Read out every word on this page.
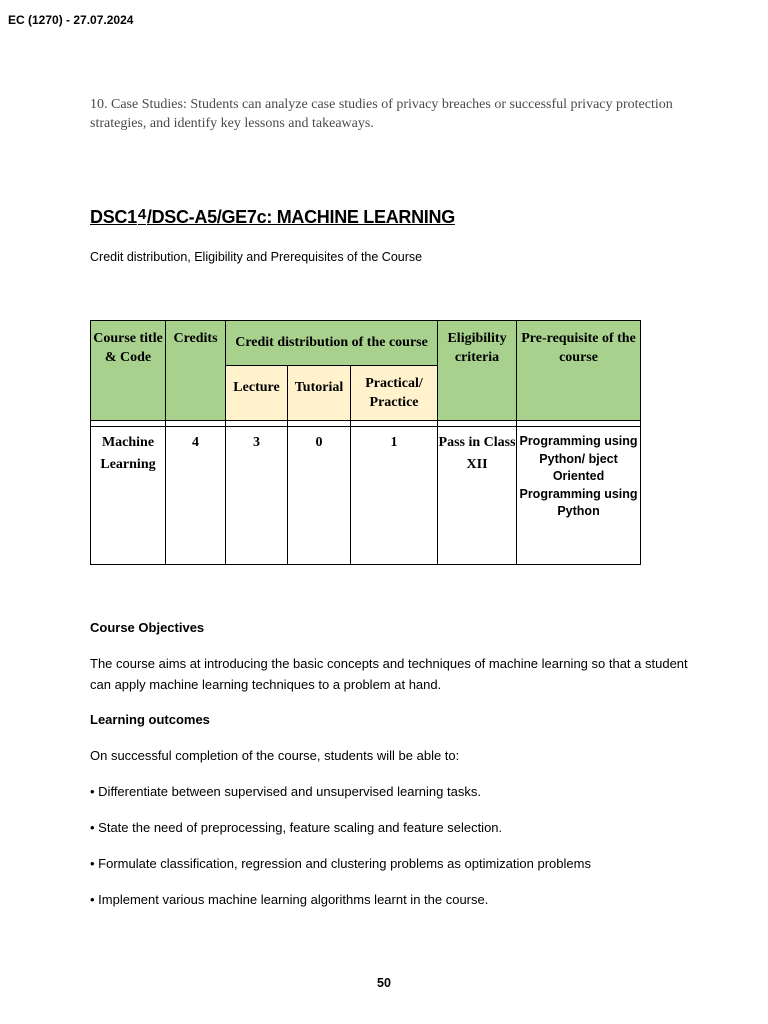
EC (1270) - 27.07.2024
10. Case Studies: Students can analyze case studies of privacy breaches or successful privacy protection strategies, and identify key lessons and takeaways.
$DSC1^4/DSC-A5/GE7c$: MACHINE LEARNING
Credit distribution, Eligibility and Prerequisites of the Course
Course title & Code	Credits	Credit distribution of the course			Eligibility criteria	Pre-requisite of the course
		Lecture	Tutorial	Practical/ Practice		

Machine Learning	4	3	0	1	Pass in Class XII	Programming using Python/ bject Oriented Programming using Python
Course Objectives
The course aims at introducing the basic concepts and techniques of machine learning so that a student can apply machine learning techniques to a problem at hand.
Learning outcomes
On successful completion of the course, students will be able to:
• Differentiate between supervised and unsupervised learning tasks.
• State the need of preprocessing, feature scaling and feature selection.
• Formulate classification, regression and clustering problems as optimization problems
• Implement various machine learning algorithms learnt in the course.
50
